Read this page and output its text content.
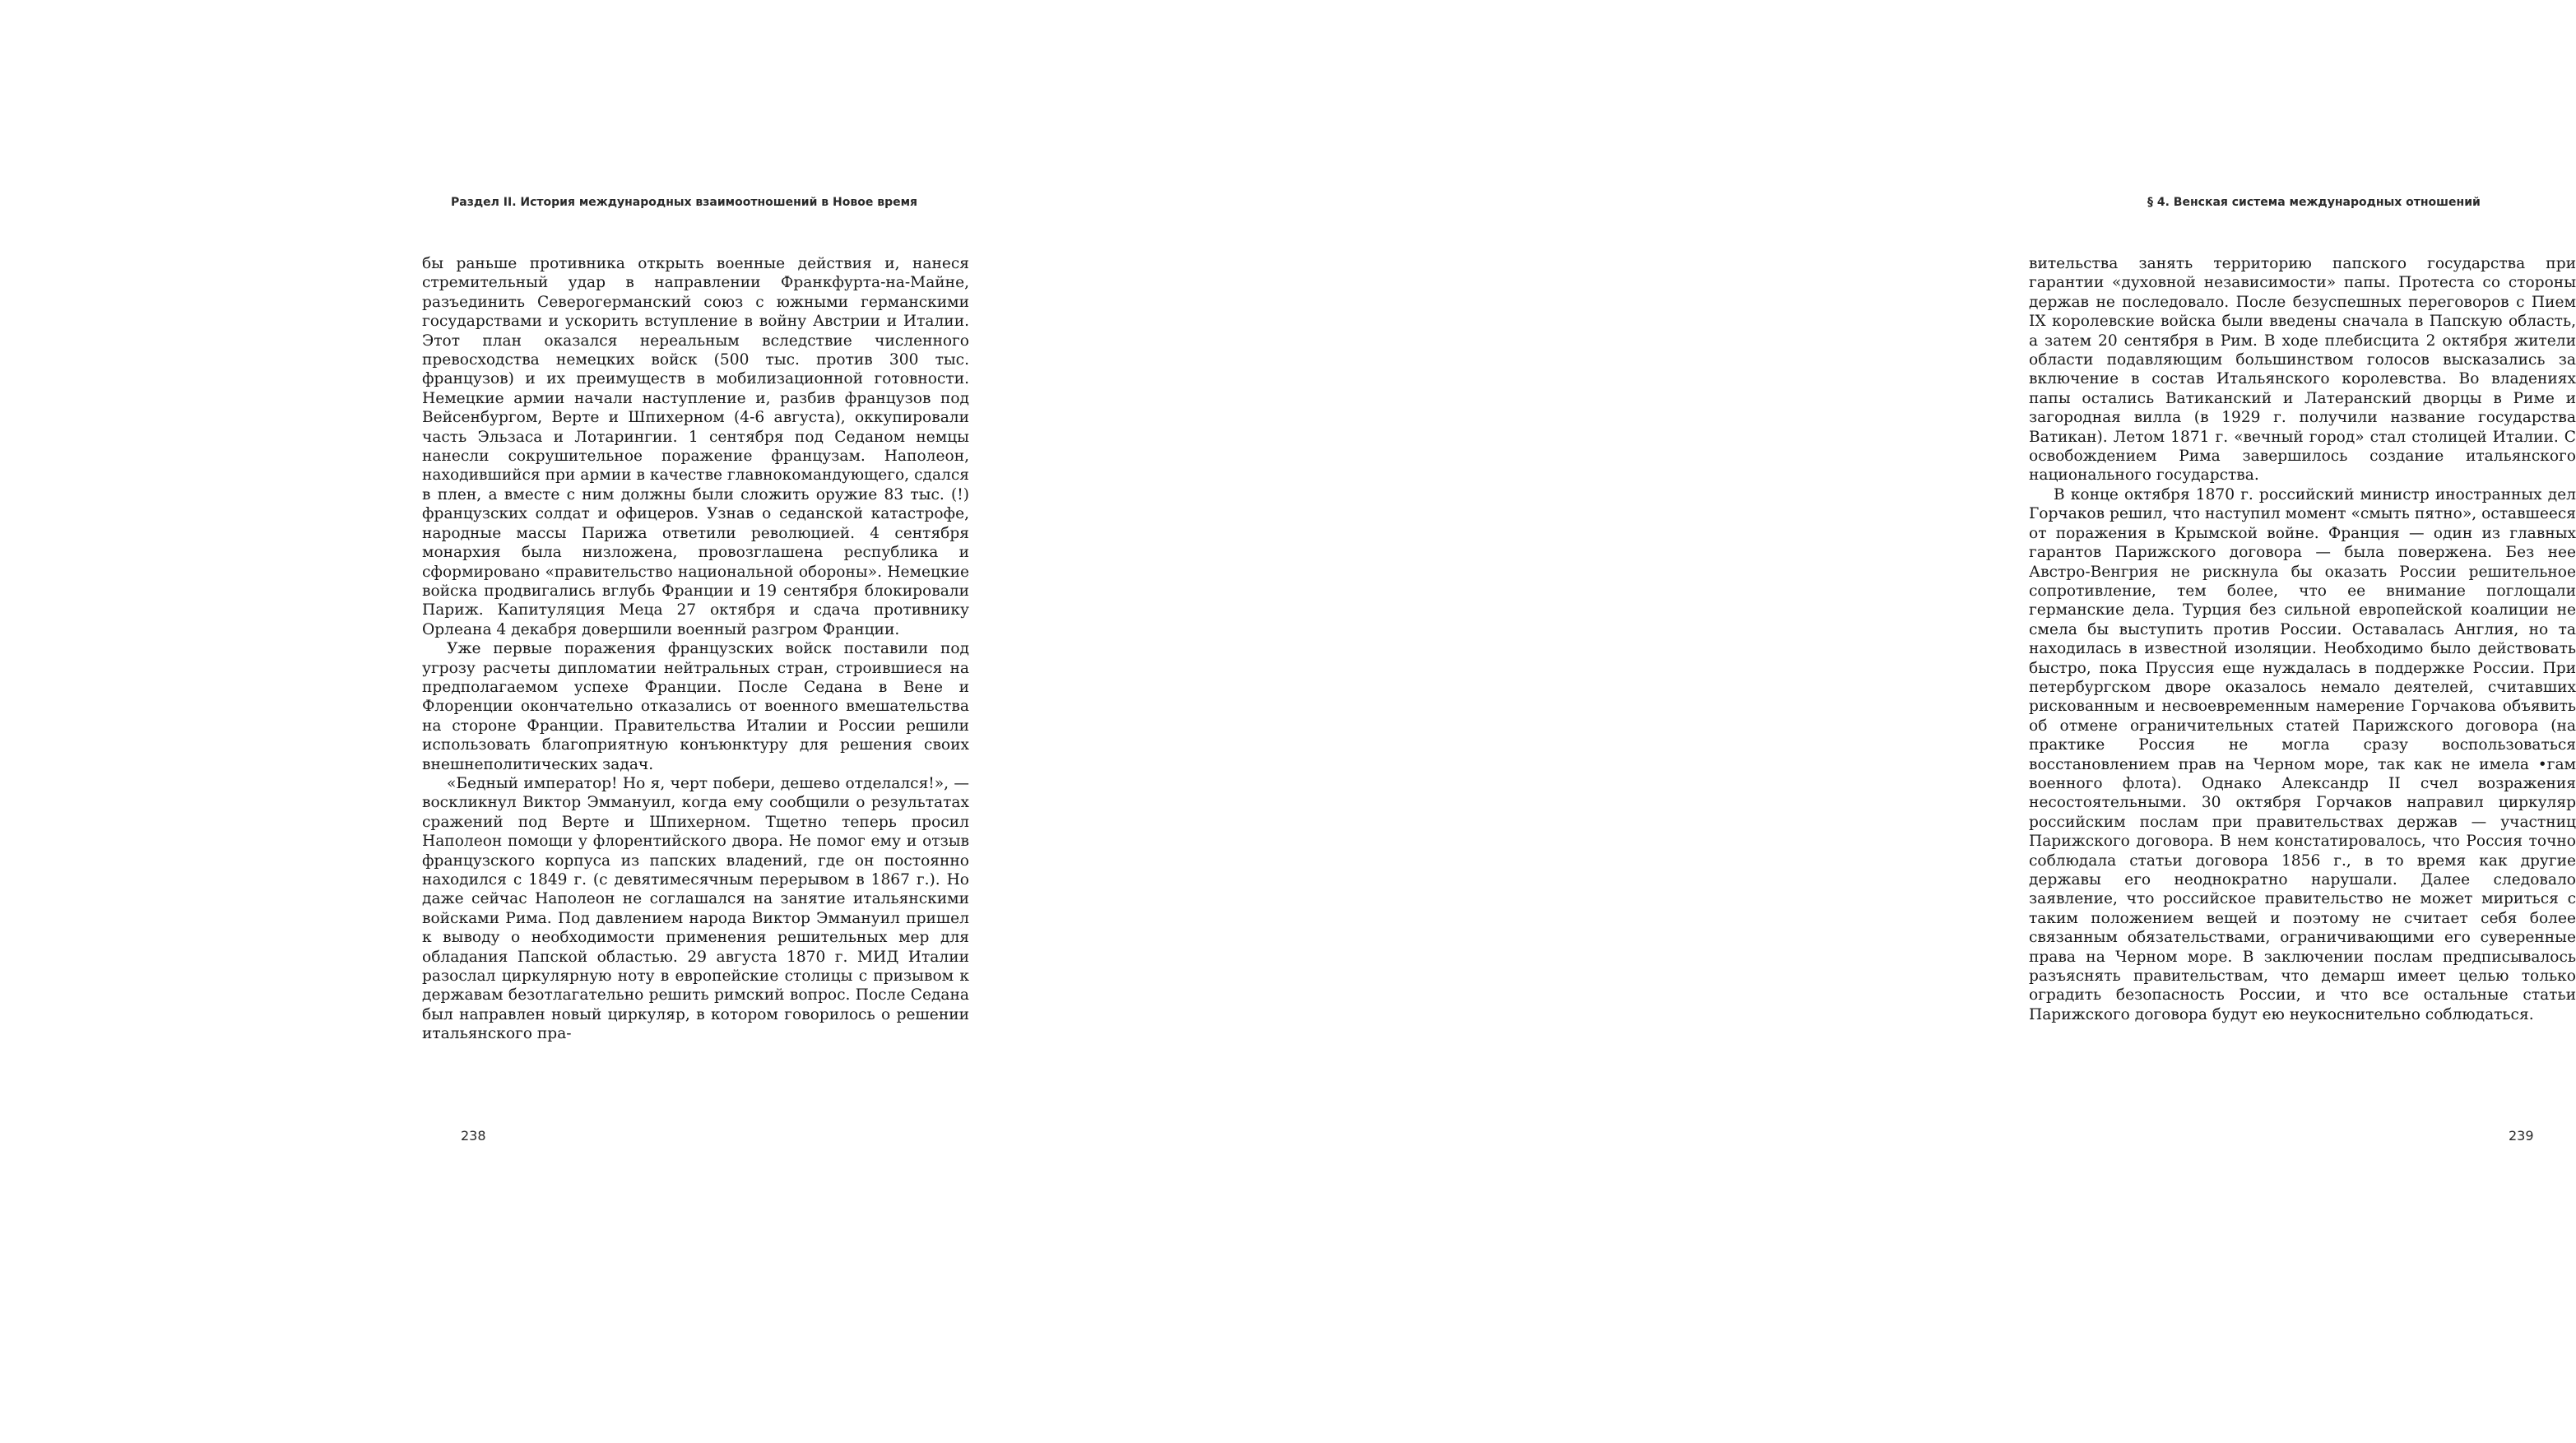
Раздел II. История международных взаимоотношений в Новое время

бы раньше противника открыть военные действия и, нанеся стремительный удар в направлении Франкфурта-на-Майне, разъединить Северогерманский союз с южными германскими государствами и ускорить вступление в войну Австрии и Италии. Этот план оказался нереальным вследствие численного превосходства немецких войск (500 тыс. против 300 тыс. французов) и их преимуществ в мобилизационной готовности. Немецкие армии начали наступление и, разбив французов под Вейсенбургом, Верте и Шпихерном (4-6 августа), оккупировали часть Эльзаса и Лотарингии. 1 сентября под Седаном немцы нанесли сокрушительное поражение французам. Наполеон, находившийся при армии в качестве главнокомандующего, сдался в плен, а вместе с ним должны были сложить оружие 83 тыс. (!) французских солдат и офицеров. Узнав о седанской катастрофе, народные массы Парижа ответили революцией. 4 сентября монархия была низложена, провозглашена республика и сформировано «правительство национальной обороны». Немецкие войска продвигались вглубь Франции и 19 сентября блокировали Париж. Капитуляция Меца 27 октября и сдача противнику Орлеана 4 декабря довершили военный разгром Франции.

Уже первые поражения французских войск поставили под угрозу расчеты дипломатии нейтральных стран, строившиеся на предполагаемом успехе Франции. После Седана в Вене и Флоренции окончательно отказались от военного вмешательства на стороне Франции. Правительства Италии и России решили использовать благоприятную конъюнктуру для решения своих внешнеполитических задач.

«Бедный император! Но я, черт побери, дешево отделался!», — воскликнул Виктор Эммануил, когда ему сообщили о результатах сражений под Верте и Шпихерном. Тщетно теперь просил Наполеон помощи у флорентийского двора. Не помог ему и отзыв французского корпуса из папских владений, где он постоянно находился с 1849 г. (с девятимесячным перерывом в 1867 г.). Но даже сейчас Наполеон не соглашался на занятие итальянскими войсками Рима. Под давлением народа Виктор Эммануил пришел к выводу о необходимости применения решительных мер для обладания Папской областью. 29 августа 1870 г. МИД Италии разослал циркулярную ноту в европейские столицы с призывом к державам безотлагательно решить римский вопрос. После Седана был направлен новый циркуляр, в котором говорилось о решении итальянского пра-

238
§ 4. Венская система международных отношений

вительства занять территорию папского государства при гарантии «духовной независимости» папы. Протеста со стороны держав не последовало. После безуспешных переговоров с Пием IX королевские войска были введены сначала в Папскую область, а затем 20 сентября в Рим. В ходе плебисцита 2 октября жители области подавляющим большинством голосов высказались за включение в состав Итальянского королевства. Во владениях папы остались Ватиканский и Латеранский дворцы в Риме и загородная вилла (в 1929 г. получили название государства Ватикан). Летом 1871 г. «вечный город» стал столицей Италии. С освобождением Рима завершилось создание итальянского национального государства.

В конце октября 1870 г. российский министр иностранных дел Горчаков решил, что наступил момент «смыть пятно», оставшееся от поражения в Крымской войне. Франция — один из главных гарантов Парижского договора — была повержена. Без нее Австро-Венгрия не рискнула бы оказать России решительное сопротивление, тем более, что ее внимание поглощали германские дела. Турция без сильной европейской коалиции не смела бы выступить против России. Оставалась Англия, но та находилась в известной изоляции. Необходимо было действовать быстро, пока Пруссия еще нуждалась в поддержке России. При петербургском дворе оказалось немало деятелей, считавших рискованным и несвоевременным намерение Горчакова объявить об отмене ограничительных статей Парижского договора (на практике Россия не могла сразу воспользоваться восстановлением прав на Черном море, так как не имела •гам военного флота). Однако Александр II счел возражения несостоятельными. 30 октября Горчаков направил циркуляр российским послам при правительствах держав — участниц Парижского договора. В нем констатировалось, что Россия точно соблюдала статьи договора 1856 г., в то время как другие державы его неоднократно нарушали. Далее следовало заявление, что российское правительство не может мириться с таким положением вещей и поэтому не считает себя более связанным обязательствами, ограничивающими его суверенные права на Черном море. В заключении послам предписывалось разъяснять правительствам, что демарш имеет целью только оградить безопасность России, и что все остальные статьи Парижского договора будут ею неукоснительно соблюдаться.

239
